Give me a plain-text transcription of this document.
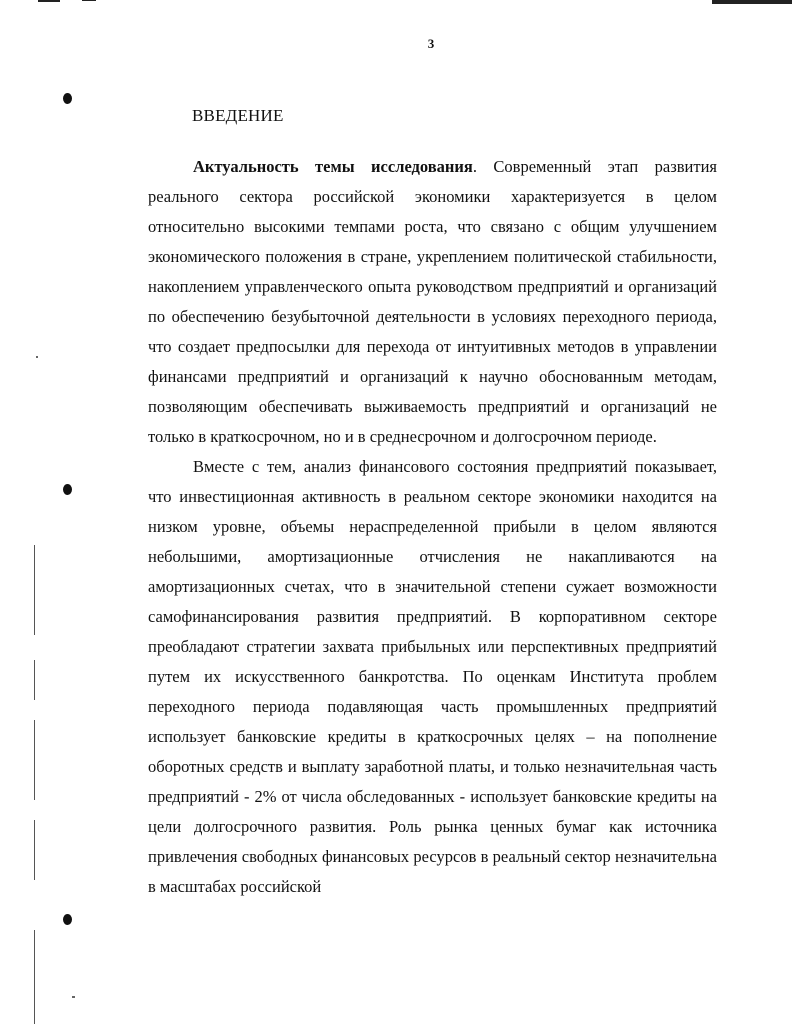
3
ВВЕДЕНИЕ

Актуальность темы исследования. Современный этап развития реального сектора российской экономики характеризуется в целом относительно высокими темпами роста, что связано с общим улучшением экономического положения в стране, укреплением политической стабильности, накоплением управленческого опыта руководством предприятий и организаций по обеспечению безубыточной деятельности в условиях переходного периода, что создает предпосылки для перехода от интуитивных методов в управлении финансами предприятий и организаций к научно обоснованным методам, позволяющим обеспечивать выживаемость предприятий и организаций не только в краткосрочном, но и в среднесрочном и долгосрочном периоде.

Вместе с тем, анализ финансового состояния предприятий показывает, что инвестиционная активность в реальном секторе экономики находится на низком уровне, объемы нераспределенной прибыли в целом являются небольшими, амортизационные отчисления не накапливаются на амортизационных счетах, что в значительной степени сужает возможности самофинансирования развития предприятий. В корпоративном секторе преобладают стратегии захвата прибыльных или перспективных предприятий путем их искусственного банкротства. По оценкам Института проблем переходного периода подавляющая часть промышленных предприятий использует банковские кредиты в краткосрочных целях – на пополнение оборотных средств и выплату заработной платы, и только незначительная часть предприятий - 2% от числа обследованных - использует банковские кредиты на цели долгосрочного развития. Роль рынка ценных бумаг как источника привлечения свободных финансовых ресурсов в реальный сектор незначительна в масштабах российской
